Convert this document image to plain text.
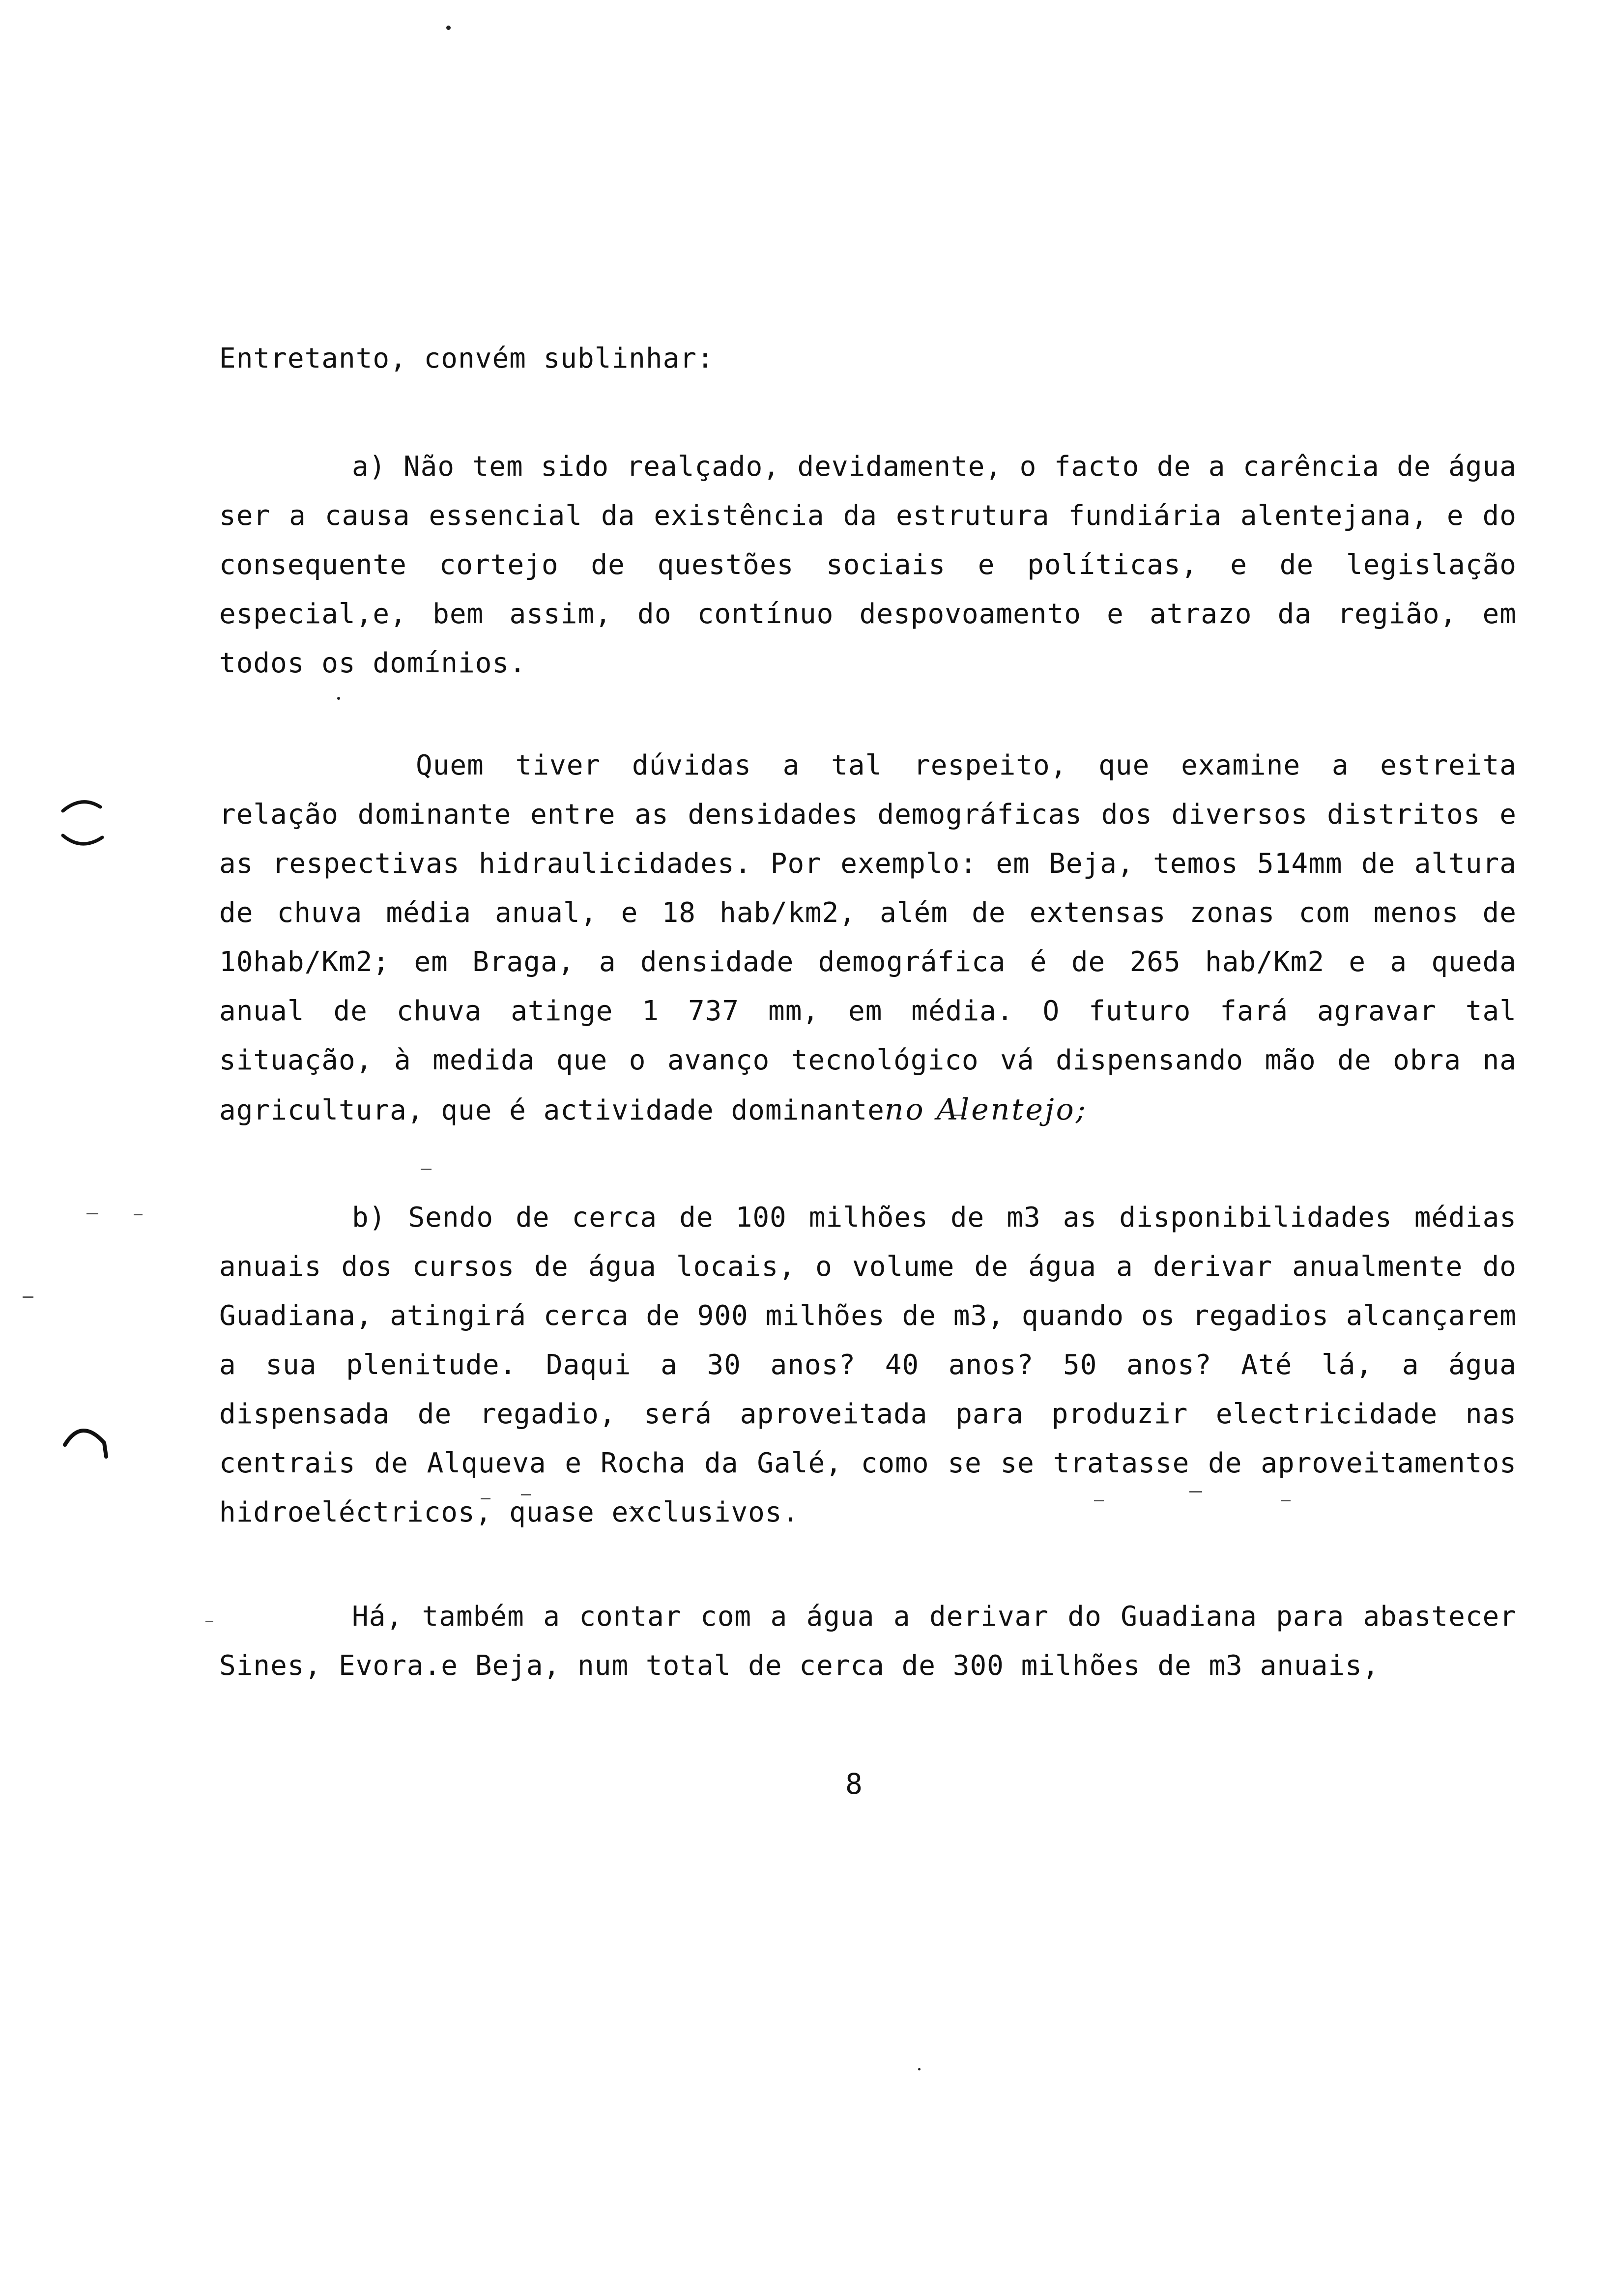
Entretanto, convém sublinhar:

a) Não tem sido realçado, devidamente, o facto de a carência de água ser a causa essencial da existência da estrutura fundiária alentejana, e do consequente cortejo de questões sociais e políticas, e de legislação especial,e, bem assim, do contínuo despovoamento e atrazo da região, em todos os domínios.

Quem tiver dúvidas a tal respeito, que examine a estreita relação dominante entre as densidades demográficas dos diversos distritos e as respectivas hidraulicidades. Por exemplo: em Beja, temos 514mm de altura de chuva média anual, e 18 hab/km2, além de extensas zonas com menos de 10hab/Km2; em Braga, a densidade demográfica é de 265 hab/Km2 e a queda anual de chuva atinge 1 737 mm, em média. O futuro fará agravar tal situação, à medida que o avanço tecnológico vá dispensando mão de obra na agricultura, que é actividade dominanteno Alentejo;

b) Sendo de cerca de 100 milhões de m3 as disponibilidades médias anuais dos cursos de água locais, o volume de água a derivar anualmente do Guadiana, atingirá cerca de 900 milhões de m3, quando os regadios alcançarem a sua plenitude. Daqui a 30 anos? 40 anos? 50 anos? Até lá, a água dispensada de regadio, será aproveitada para produzir electricidade nas centrais de Alqueva e Rocha da Galé, como se se tratasse de aproveitamentos hidroeléctricos, quase exclusivos.

Há, também a contar com a água a derivar do Guadiana para abastecer Sines, Evora.e Beja, num total de cerca de 300 milhões de m3 anuais,

8
